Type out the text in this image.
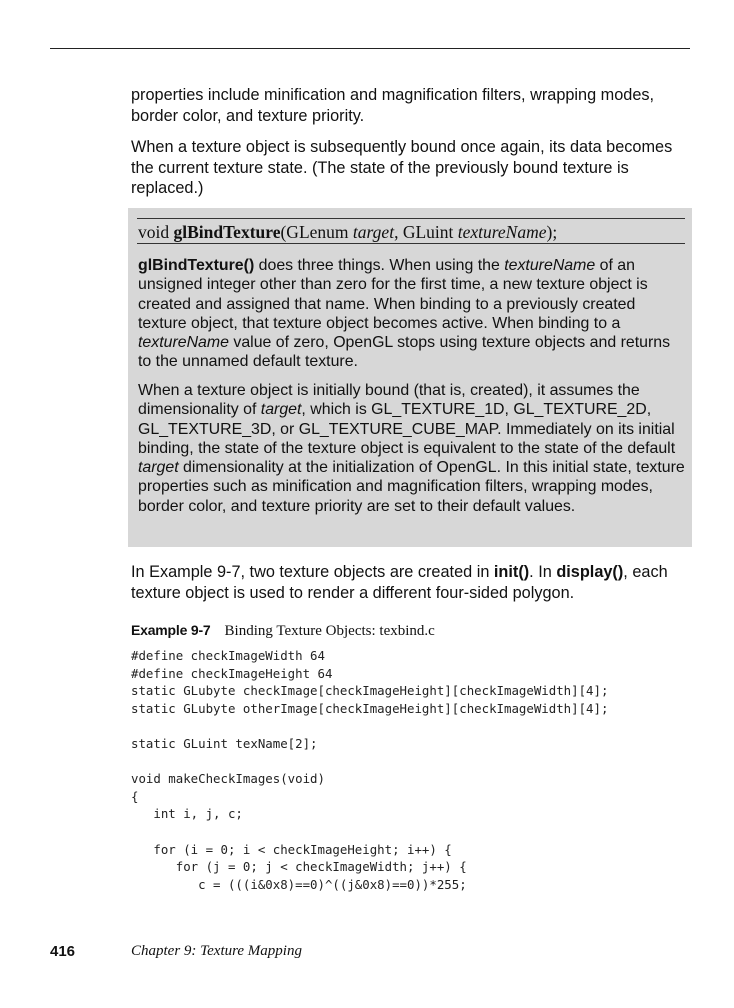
properties include minification and magnification filters, wrapping modes, border color, and texture priority.

When a texture object is subsequently bound once again, its data becomes the current texture state. (The state of the previously bound texture is replaced.)

void glBindTexture(GLenum target, GLuint textureName);

glBindTexture() does three things. When using the textureName of an unsigned integer other than zero for the first time, a new texture object is created and assigned that name. When binding to a previously created texture object, that texture object becomes active. When binding to a textureName value of zero, OpenGL stops using texture objects and returns to the unnamed default texture.

When a texture object is initially bound (that is, created), it assumes the dimensionality of target, which is GL_TEXTURE_1D, GL_TEXTURE_2D, GL_TEXTURE_3D, or GL_TEXTURE_CUBE_MAP. Immediately on its initial binding, the state of the texture object is equivalent to the state of the default target dimensionality at the initialization of OpenGL. In this initial state, texture properties such as minification and magnification filters, wrapping modes, border color, and texture priority are set to their default values.

In Example 9-7, two texture objects are created in init(). In display(), each texture object is used to render a different four-sided polygon.

Example 9-7 Binding Texture Objects: texbind.c
#define checkImageWidth 64
#define checkImageHeight 64
static GLubyte checkImage[checkImageHeight][checkImageWidth][4];
static GLubyte otherImage[checkImageHeight][checkImageWidth][4];

static GLuint texName[2];

void makeCheckImages(void)
{
int i, j, c;

for (i = 0; i < checkImageHeight; i++) {
for (j = 0; j < checkImageWidth; j++) {
c = (((i&0x8)==0)^((j&0x8)==0))*255;
416	Chapter 9: Texture Mapping
